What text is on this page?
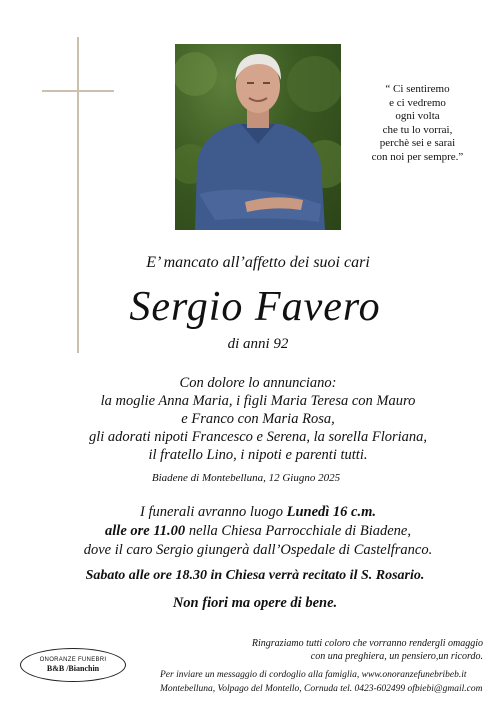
“ Ci sentiremo
e ci vedremo
ogni volta
che tu lo vorrai,
perchè sei e sarai
con noi per sempre.”
E’ mancato all’affetto dei suoi cari
Sergio Favero
di anni 92
Con dolore lo annunciano:
la moglie Anna Maria, i figli Maria Teresa con Mauro
e Franco con Maria Rosa,
gli adorati nipoti Francesco e Serena, la sorella Floriana,
il fratello Lino, i nipoti e parenti tutti.
Biadene di Montebelluna, 12 Giugno 2025
I funerali avranno luogo Lunedì 16 c.m.
alle ore 11.00 nella Chiesa Parrocchiale di Biadene,
dove il caro Sergio giungerà dall’Ospedale di Castelfranco.
Sabato alle ore 18.30 in Chiesa verrà recitato il S. Rosario.
Non fiori ma opere di bene.
Ringraziamo tutti coloro che vorranno rendergli omaggio
con una preghiera, un pensiero,un ricordo.
Per inviare un messaggio di cordoglio alla famiglia, www.onoranzefunebribeb.it
Montebelluna, Volpago del Montello, Cornuda tel. 0423-602499 ofbiebi@gmail.com
ONORANZE FUNEBRI
B&B /Bianchin
